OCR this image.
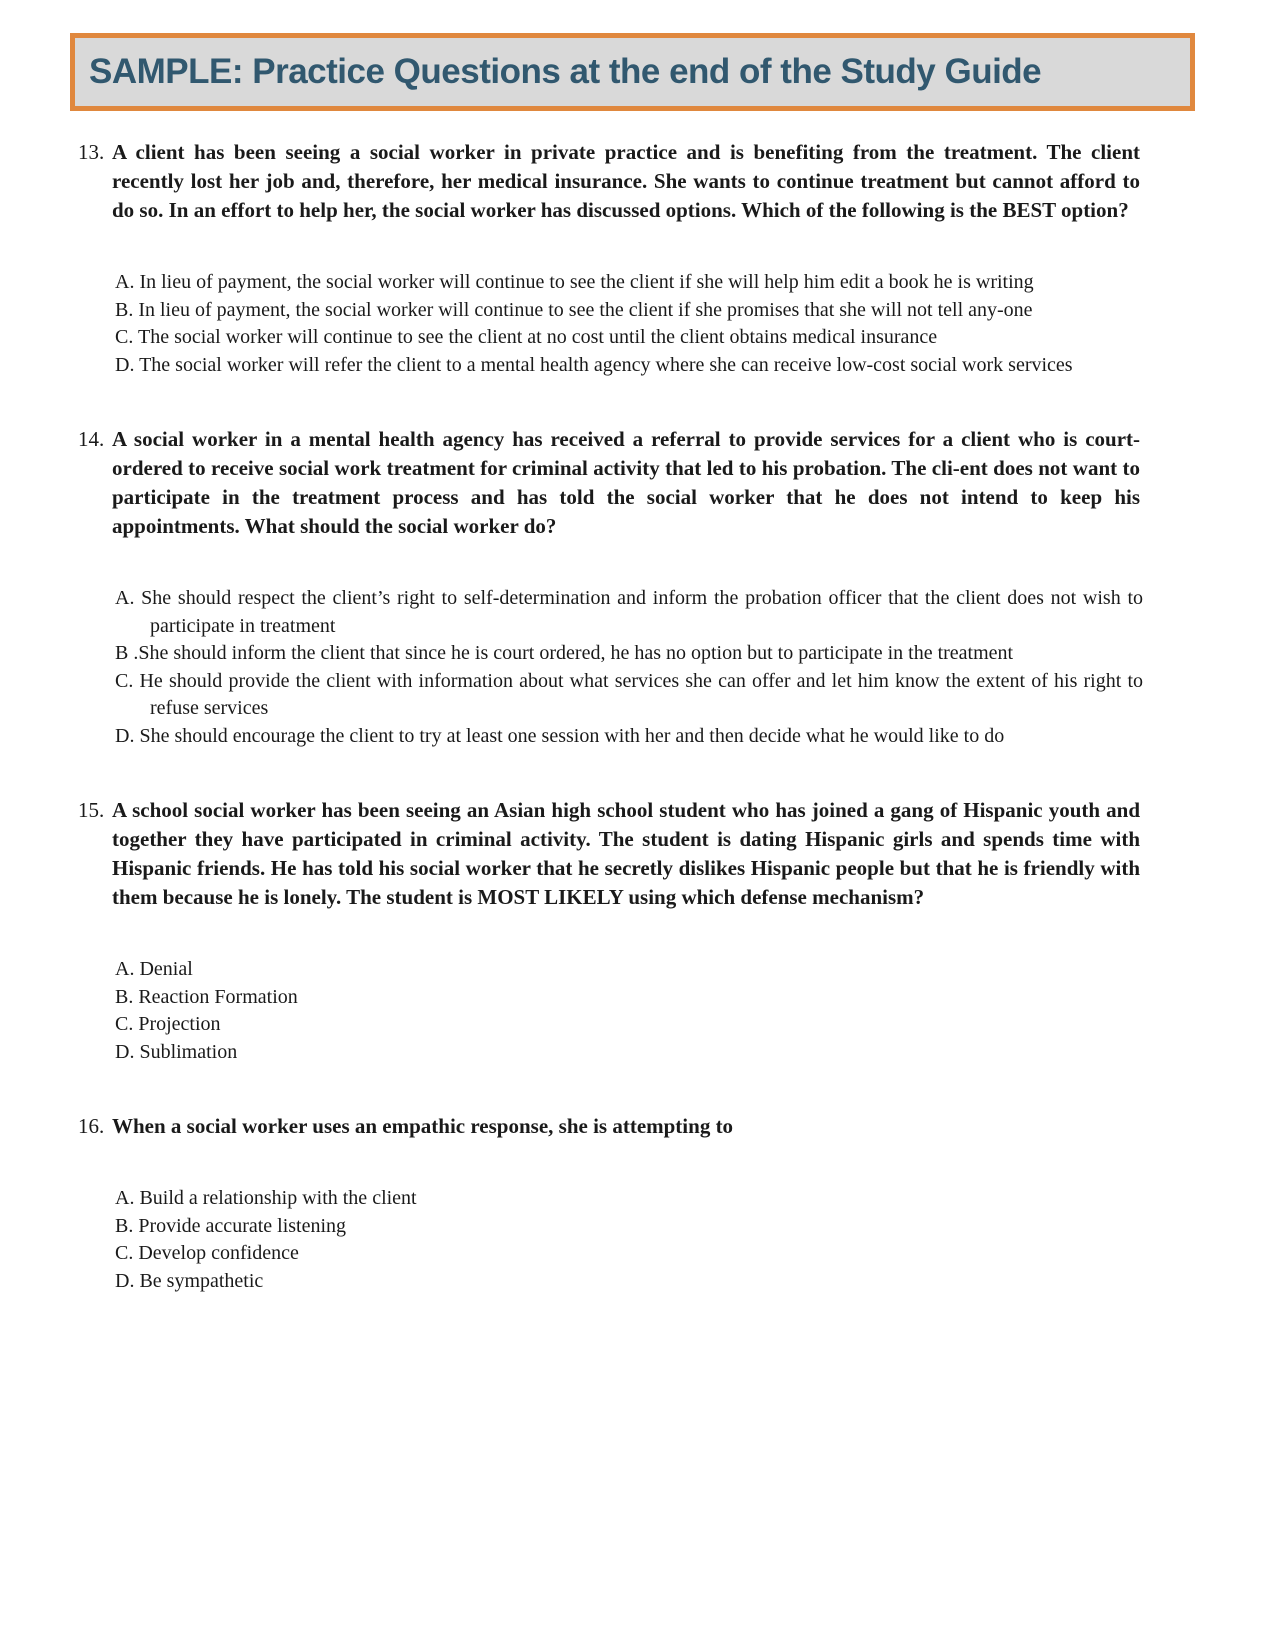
SAMPLE: Practice Questions at the end of the Study Guide
13. A client has been seeing a social worker in private practice and is benefiting from the treatment. The client recently lost her job and, therefore, her medical insurance. She wants to continue treatment but cannot afford to do so. In an effort to help her, the social worker has discussed options. Which of the following is the BEST option?
A. In lieu of payment, the social worker will continue to see the client if she will help him edit a book he is writing
B. In lieu of payment, the social worker will continue to see the client if she promises that she will not tell any-one
C. The social worker will continue to see the client at no cost until the client obtains medical insurance
D. The social worker will refer the client to a mental health agency where she can receive low-cost social work services
14. A social worker in a mental health agency has received a referral to provide services for a client who is court-ordered to receive social work treatment for criminal activity that led to his probation. The cli-ent does not want to participate in the treatment process and has told the social worker that he does not intend to keep his appointments. What should the social worker do?
A. She should respect the client’s right to self-determination and inform the probation officer that the client does not wish to participate in treatment
B .She should inform the client that since he is court ordered, he has no option but to participate in the treatment
C. He should provide the client with information about what services she can offer and let him know the extent of his right to refuse services
D. She should encourage the client to try at least one session with her and then decide what he would like to do
15. A school social worker has been seeing an Asian high school student who has joined a gang of Hispanic youth and together they have participated in criminal activity. The student is dating Hispanic girls and spends time with Hispanic friends. He has told his social worker that he secretly dislikes Hispanic people but that he is friendly with them because he is lonely. The student is MOST LIKELY using which defense mechanism?
A. Denial
B. Reaction Formation
C. Projection
D. Sublimation
16. When a social worker uses an empathic response, she is attempting to
A. Build a relationship with the client
B. Provide accurate listening
C. Develop confidence
D. Be sympathetic
